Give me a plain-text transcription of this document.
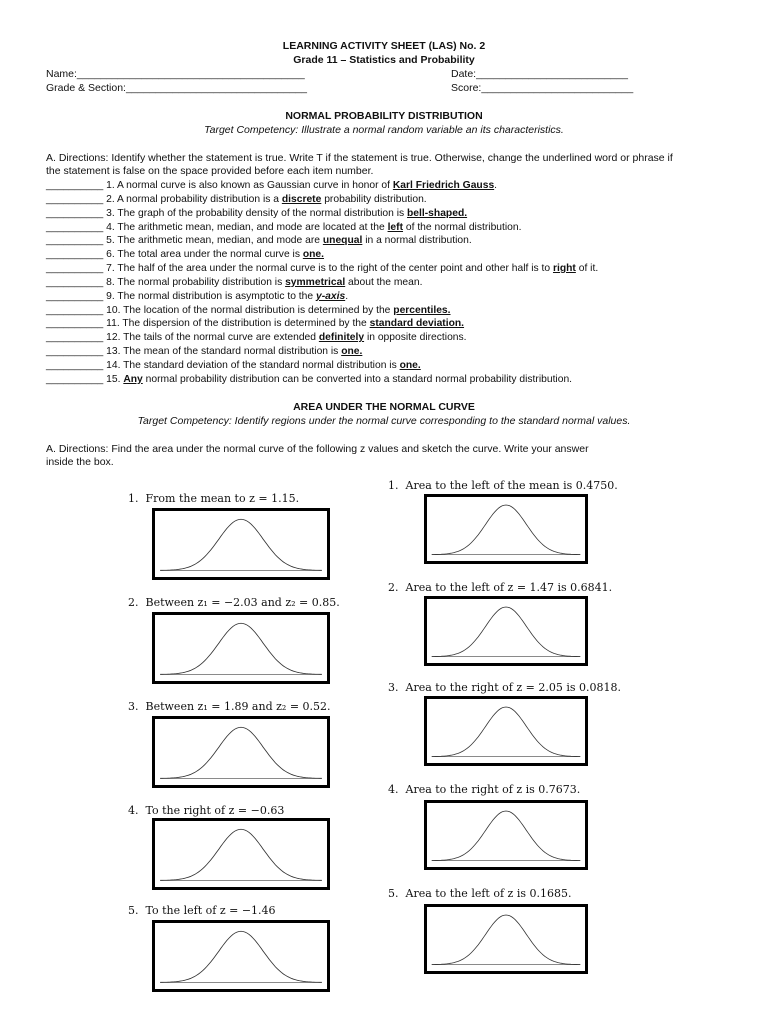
LEARNING ACTIVITY SHEET (LAS) No. 2
Grade 11 – Statistics and Probability
Name:_______________________________________	Date:__________________________
Grade & Section:_______________________________	Score:__________________________
NORMAL PROBABILITY DISTRIBUTION
Target Competency: Illustrate a normal random variable an its characteristics.
A. Directions: Identify whether the statement is true. Write T if the statement is true. Otherwise, change the underlined word or phrase if
the statement is false on the space provided before each item number.
__________ 1. A normal curve is also known as Gaussian curve in honor of Karl Friedrich Gauss.
__________ 2. A normal probability distribution is a discrete probability distribution.
__________ 3. The graph of the probability density of the normal distribution is bell-shaped.
__________ 4. The arithmetic mean, median, and mode are located at the left of the normal distribution.
__________ 5. The arithmetic mean, median, and mode are unequal in a normal distribution.
__________ 6. The total area under the normal curve is one.
__________ 7. The half of the area under the normal curve is to the right of the center point and other half is to right of it.
__________ 8. The normal probability distribution is symmetrical about the mean.
__________ 9. The normal distribution is asymptotic to the y-axis.
__________ 10. The location of the normal distribution is determined by the percentiles.
__________ 11. The dispersion of the distribution is determined by the standard deviation.
__________ 12. The tails of the normal curve are extended definitely in opposite directions.
__________ 13. The mean of the standard normal distribution is one.
__________ 14. The standard deviation of the standard normal distribution is one.
__________ 15. Any normal probability distribution can be converted into a standard normal probability distribution.
AREA UNDER THE NORMAL CURVE
Target Competency: Identify regions under the normal curve corresponding to the standard normal values.
A. Directions: Find the area under the normal curve of the following z values and sketch the curve. Write your answer
inside the box.
1. From the mean to z = 1.15.
2. Between z₁ = −2.03 and z₂ = 0.85.
3. Between z₁ = 1.89 and z₂ = 0.52.
4. To the right of z = −0.63
5. To the left of z = −1.46
1. Area to the left of the mean is 0.4750.
2. Area to the left of z = 1.47 is 0.6841.
3. Area to the right of z = 2.05 is 0.0818.
4. Area to the right of z is 0.7673.
5. Area to the left of z is 0.1685.
